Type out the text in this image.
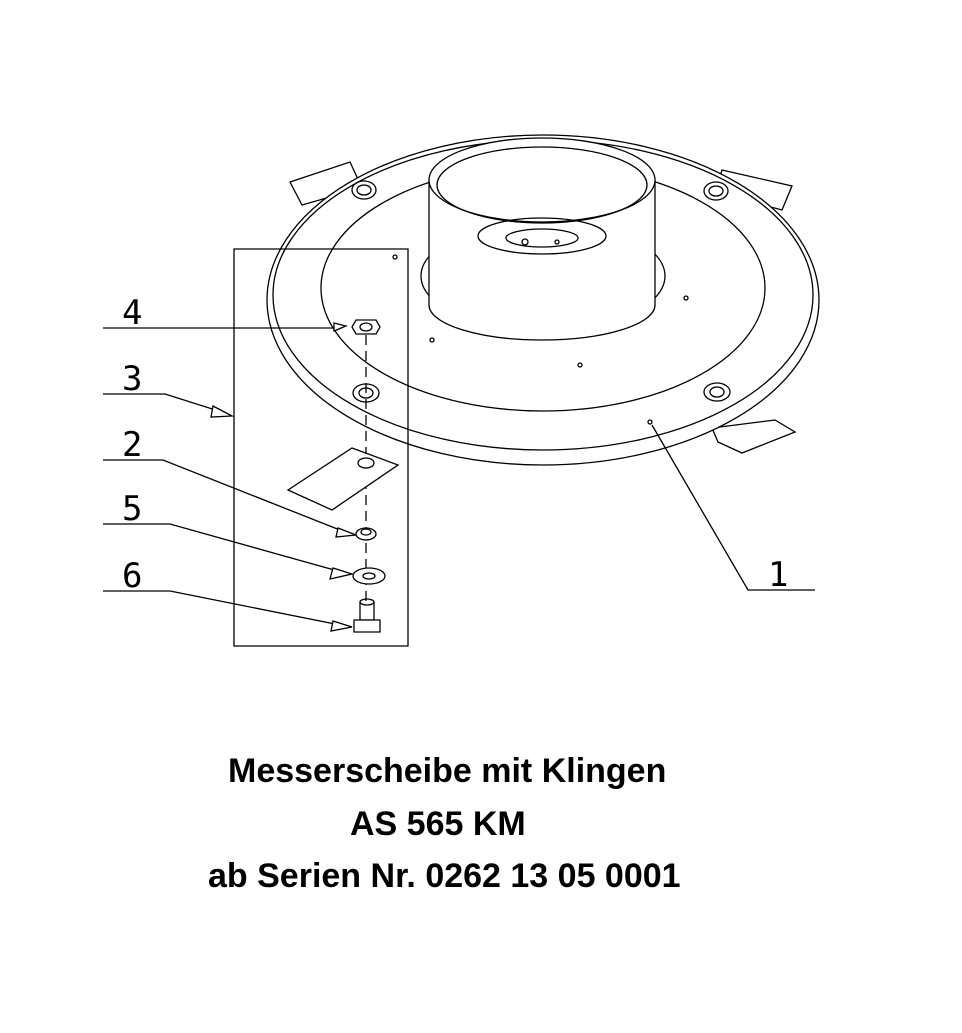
4
3
2
5
6	1
Messerscheibe mit Klingen
AS 565 KM
ab Serien Nr. 0262 13 05 0001
